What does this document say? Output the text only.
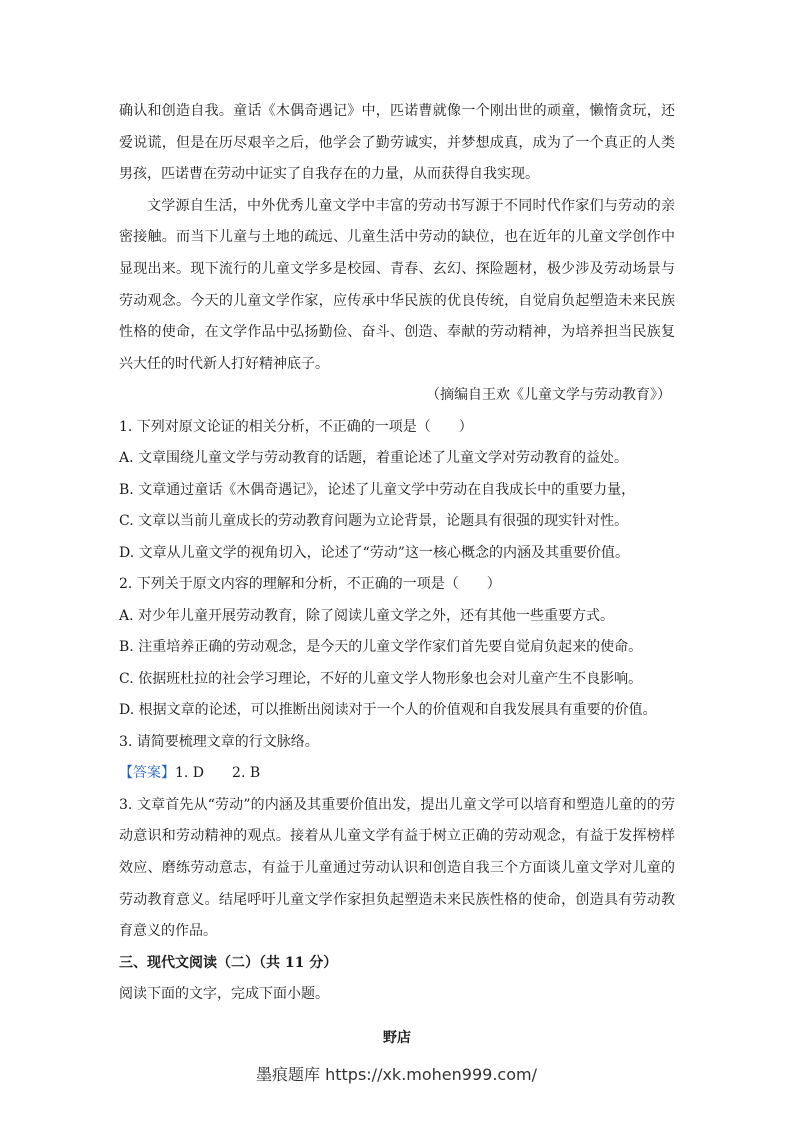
确认和创造自我。童话《木偶奇遇记》中，匹诺曹就像一个刚出世的顽童，懒惰贪玩，还爱说谎，但是在历尽艰辛之后，他学会了勤劳诚实，并梦想成真，成为了一个真正的人类男孩，匹诺曹在劳动中证实了自我存在的力量，从而获得自我实现。

文学源自生活，中外优秀儿童文学中丰富的劳动书写源于不同时代作家们与劳动的亲密接触。而当下儿童与土地的疏远、儿童生活中劳动的缺位，也在近年的儿童文学创作中显现出来。现下流行的儿童文学多是校园、青春、玄幻、探险题材，极少涉及劳动场景与劳动观念。今天的儿童文学作家，应传承中华民族的优良传统，自觉肩负起塑造未来民族性格的使命，在文学作品中弘扬勤俭、奋斗、创造、奉献的劳动精神，为培养担当民族复兴大任的时代新人打好精神底子。

（摘编自王欢《儿童文学与劳动教育》）

1. 下列对原文论证的相关分析，不正确的一项是（　　）

A. 文章围绕儿童文学与劳动教育的话题，着重论述了儿童文学对劳动教育的益处。

B. 文章通过童话《木偶奇遇记》，论述了儿童文学中劳动在自我成长中的重要力量，

C. 文章以当前儿童成长的劳动教育问题为立论背景，论题具有很强的现实针对性。

D. 文章从儿童文学的视角切入，论述了“劳动”这一核心概念的内涵及其重要价值。

2. 下列关于原文内容的理解和分析，不正确的一项是（　　）

A. 对少年儿童开展劳动教育，除了阅读儿童文学之外，还有其他一些重要方式。

B. 注重培养正确的劳动观念，是今天的儿童文学作家们首先要自觉肩负起来的使命。

C. 依据班杜拉的社会学习理论，不好的儿童文学人物形象也会对儿童产生不良影响。

D. 根据文章的论述，可以推断出阅读对于一个人的价值观和自我发展具有重要的价值。

3. 请简要梳理文章的行文脉络。

【答案】1. D　　2. B

3. 文章首先从“劳动”的内涵及其重要价值出发，提出儿童文学可以培育和塑造儿童的的劳动意识和劳动精神的观点。接着从儿童文学有益于树立正确的劳动观念，有益于发挥榜样效应、磨练劳动意志，有益于儿童通过劳动认识和创造自我三个方面谈儿童文学对儿童的劳动教育意义。结尾呼吁儿童文学作家担负起塑造未来民族性格的使命，创造具有劳动教育意义的作品。

三、现代文阅读（二）（共 11 分）

阅读下面的文字，完成下面小题。

野店

墨痕题库 https://xk.mohen999.com/
